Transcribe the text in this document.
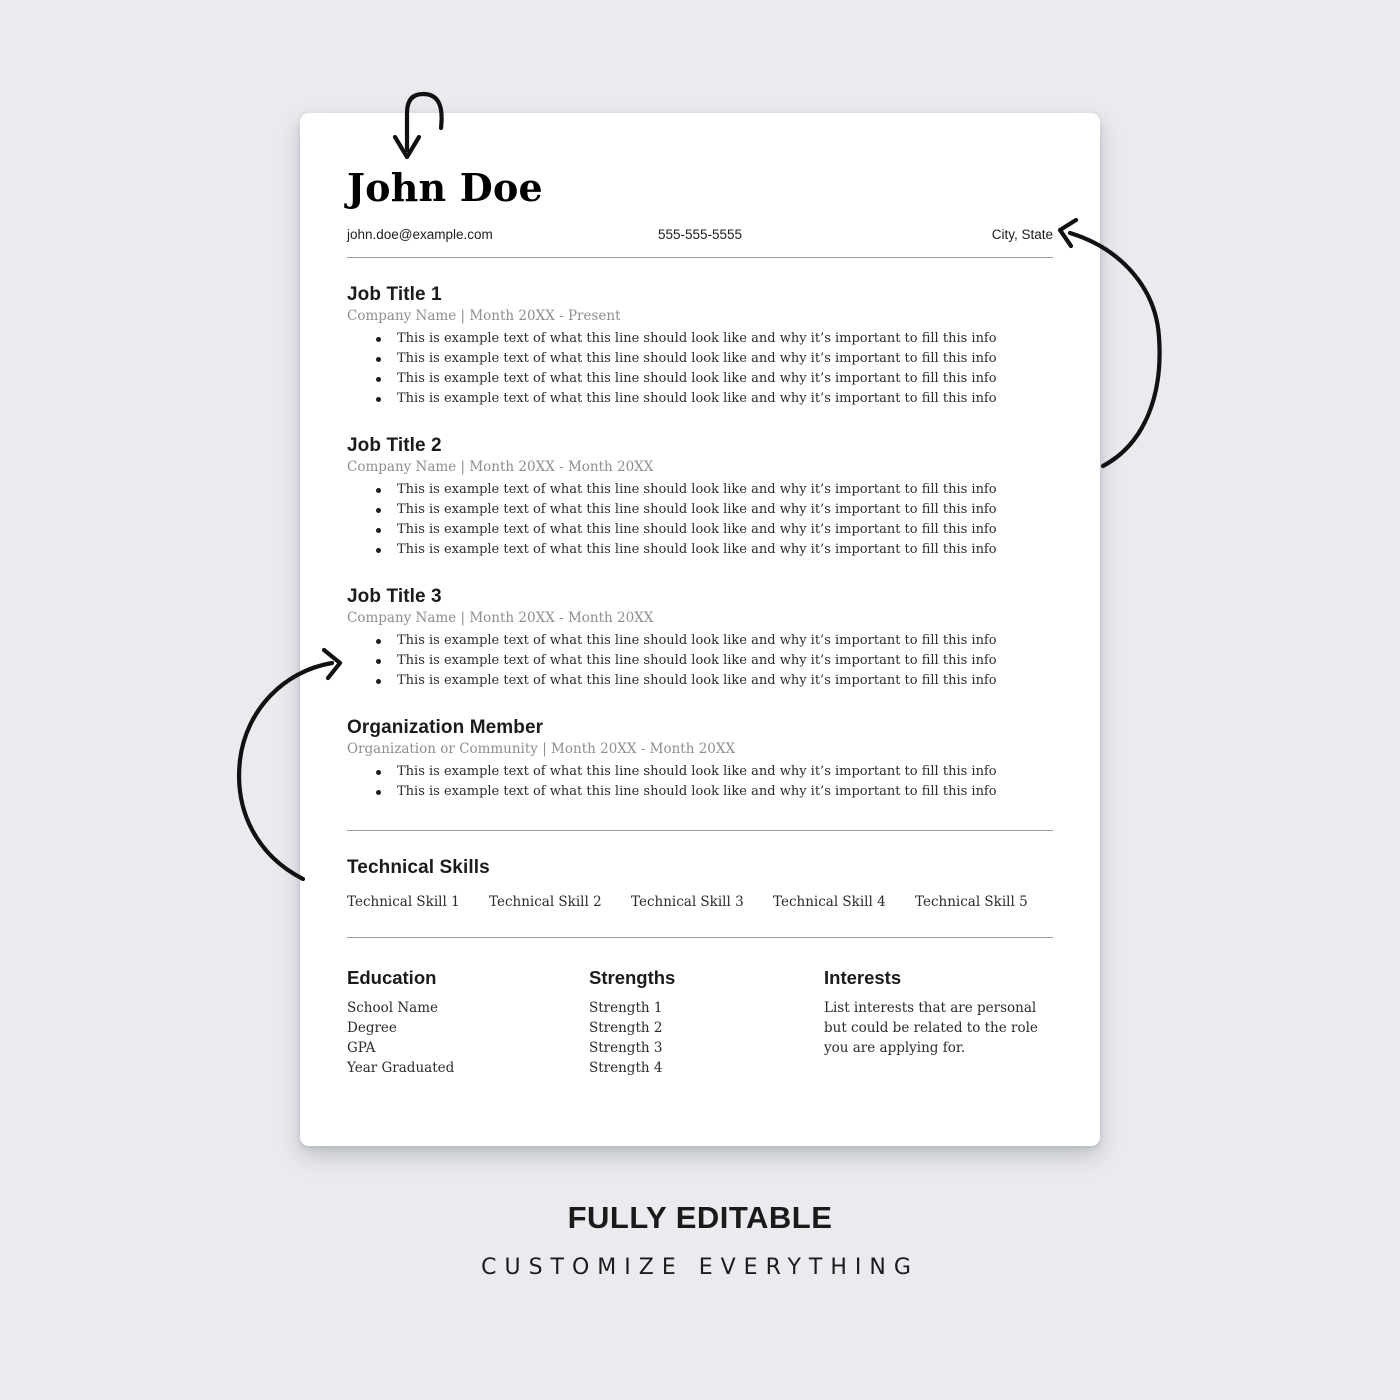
John Doe
john.doe@example.com	555-555-5555	City, State
Job Title 1
Company Name | Month 20XX - Present
This is example text of what this line should look like and why it’s important to fill this info
This is example text of what this line should look like and why it’s important to fill this info
This is example text of what this line should look like and why it’s important to fill this info
This is example text of what this line should look like and why it’s important to fill this info
Job Title 2
Company Name | Month 20XX - Month 20XX
This is example text of what this line should look like and why it’s important to fill this info
This is example text of what this line should look like and why it’s important to fill this info
This is example text of what this line should look like and why it’s important to fill this info
This is example text of what this line should look like and why it’s important to fill this info
Job Title 3
Company Name | Month 20XX - Month 20XX
This is example text of what this line should look like and why it’s important to fill this info
This is example text of what this line should look like and why it’s important to fill this info
This is example text of what this line should look like and why it’s important to fill this info
Organization Member
Organization or Community | Month 20XX - Month 20XX
This is example text of what this line should look like and why it’s important to fill this info
This is example text of what this line should look like and why it’s important to fill this info
Technical Skills
Technical Skill 1	Technical Skill 2	Technical Skill 3	Technical Skill 4	Technical Skill 5
Education
School Name
Degree
GPA
Year Graduated
Strengths
Strength 1
Strength 2
Strength 3
Strength 4
Interests

List interests that are personal but could be related to the role you are applying for.

FULLY EDITABLE
CUSTOMIZE EVERYTHING
